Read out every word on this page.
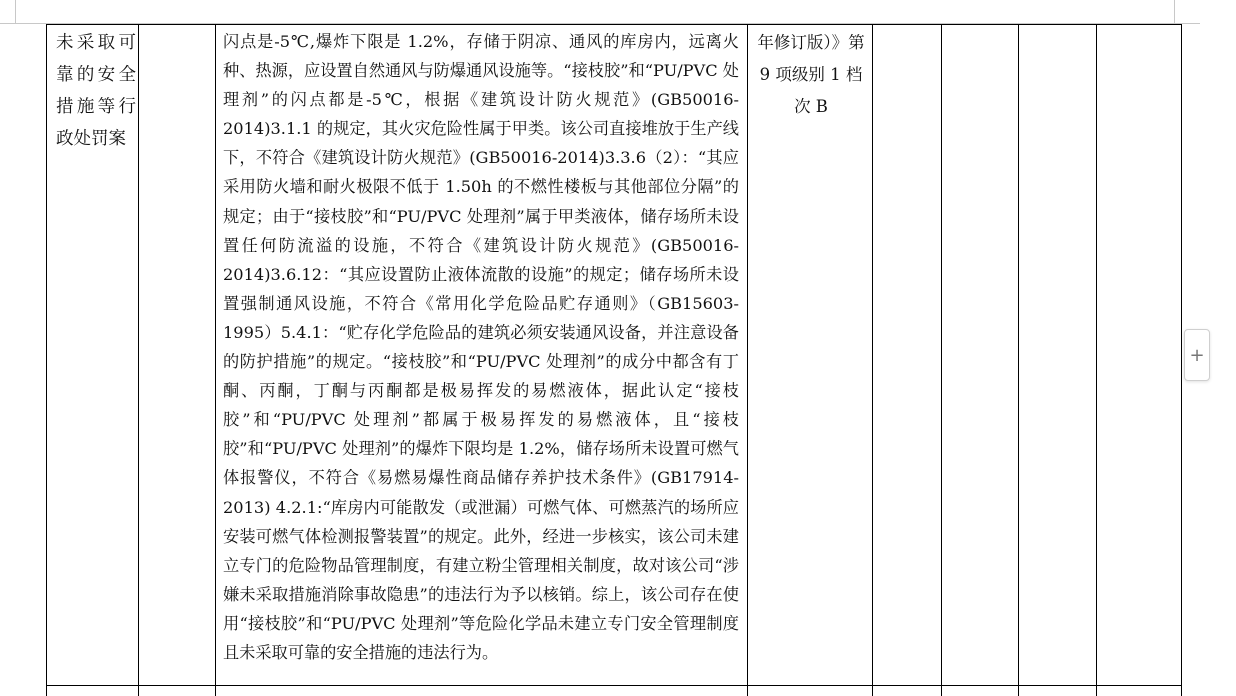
未采取可靠的安全措施等行政处罚案
闪点是-5℃,爆炸下限是 1.2%，存储于阴凉、通风的库房内，远离火种、热源，应设置自然通风与防爆通风设施等。“接枝胶”和“PU/PVC 处理剂”的闪点都是-5℃，根据《建筑设计防火规范》(GB50016-2014)3.1.1 的规定，其火灾危险性属于甲类。该公司直接堆放于生产线下，不符合《建筑设计防火规范》(GB50016-2014)3.3.6（2）：“其应采用防火墙和耐火极限不低于 1.50h 的不燃性楼板与其他部位分隔”的规定；由于“接枝胶”和“PU/PVC 处理剂”属于甲类液体，储存场所未设置任何防流溢的设施，不符合《建筑设计防火规范》(GB50016-2014)3.6.12：“其应设置防止液体流散的设施”的规定；储存场所未设置强制通风设施，不符合《常用化学危险品贮存通则》（GB15603-1995）5.4.1：“贮存化学危险品的建筑必须安装通风设备，并注意设备的防护措施”的规定。“接枝胶”和“PU/PVC 处理剂”的成分中都含有丁酮、丙酮，丁酮与丙酮都是极易挥发的易燃液体，据此认定“接枝胶”和“PU/PVC 处理剂”都属于极易挥发的易燃液体，且“接枝胶”和“PU/PVC 处理剂”的爆炸下限均是 1.2%，储存场所未设置可燃气体报警仪，不符合《易燃易爆性商品储存养护技术条件》(GB17914-2013) 4.2.1:“库房内可能散发（或泄漏）可燃气体、可燃蒸汽的场所应安装可燃气体检测报警装置”的规定。此外，经进一步核实，该公司未建立专门的危险物品管理制度，有建立粉尘管理相关制度，故对该公司“涉嫌未采取措施消除事故隐患”的违法行为予以核销。综上，该公司存在使用“接枝胶”和“PU/PVC 处理剂”等危险化学品未建立专门安全管理制度且未采取可靠的安全措施的违法行为。
年修订版）》第 9 项级别 1 档次 B
+
